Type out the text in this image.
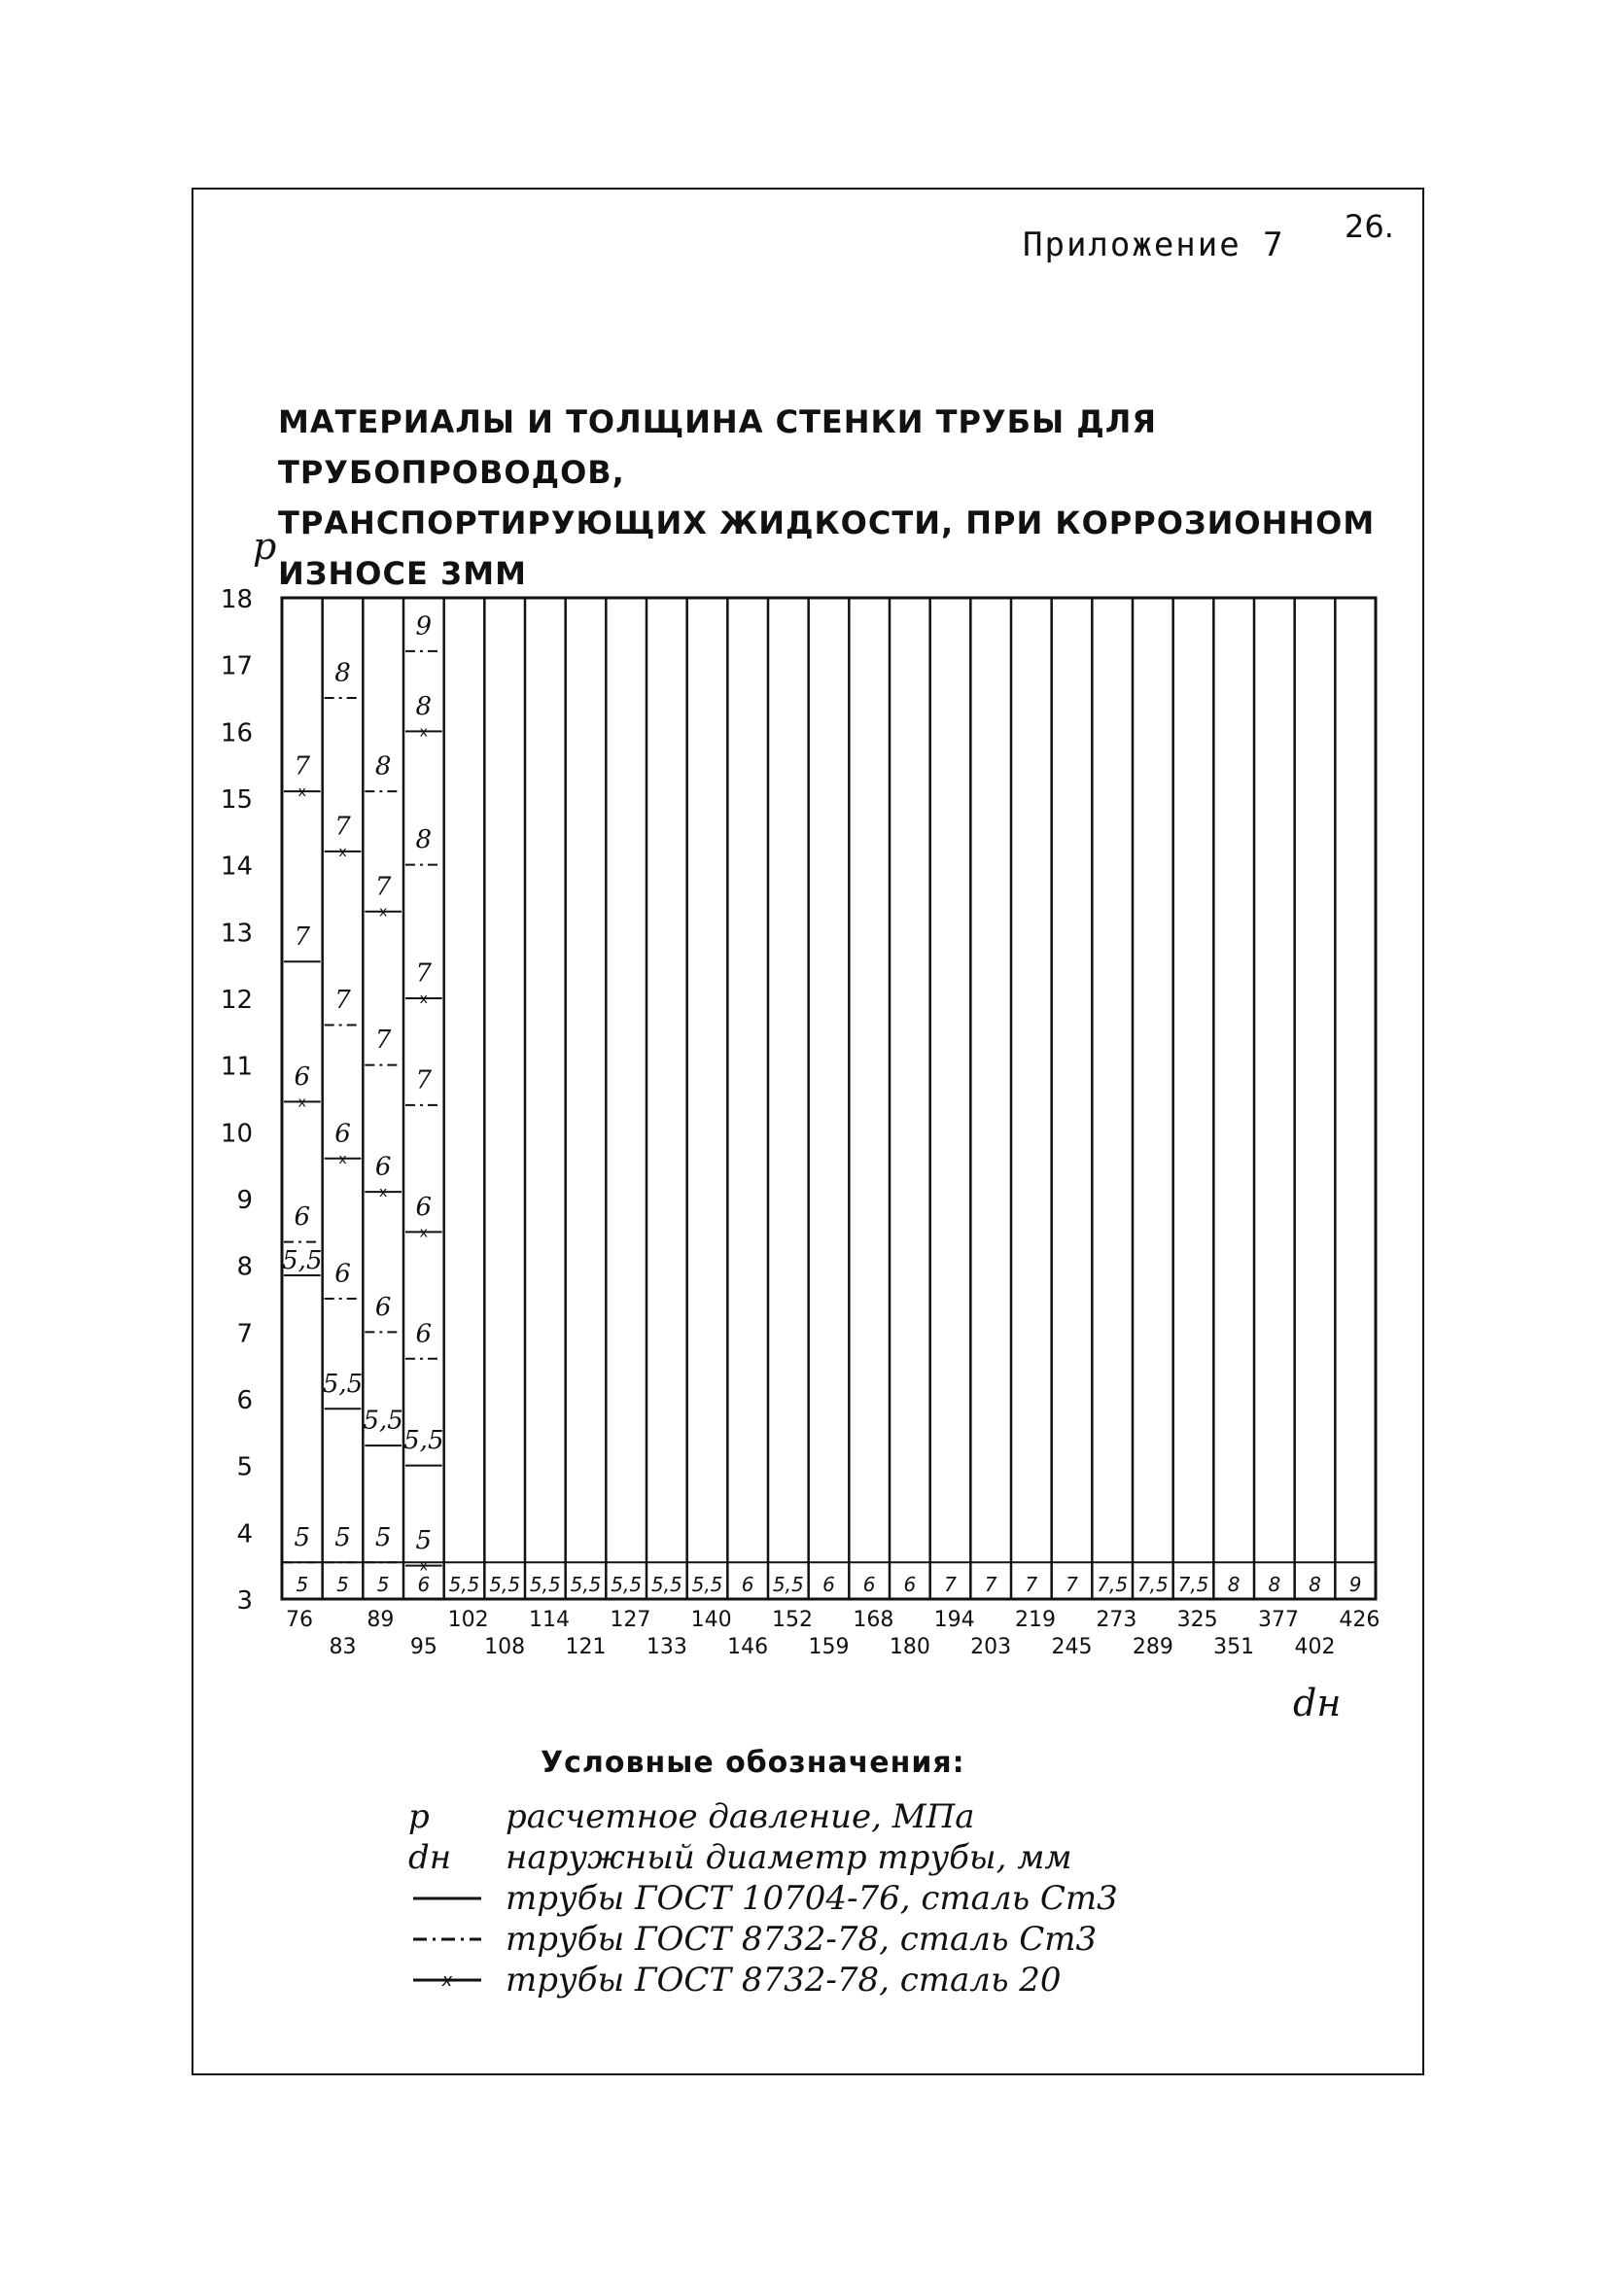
26.
Приложение 7
МАТЕРИАЛЫ И ТОЛЩИНА СТЕНКИ ТРУБЫ ДЛЯ ТРУБОПРОВОДОВ,
ТРАНСПОРТИРУЮЩИХ ЖИДКОСТИ, ПРИ КОРРОЗИОННОМ ИЗНОСЕ 3ММ
p
dн
3
4
5
6
7
8
9
10
11
12
13
14
15
16
17
18
76
83
89
95
102
108
114
121
127
133
140
146
152
159
168
180
194
203
219
245
273
289
325
351
377
402
426
5 5 5 6 5,5 5,5 5,5 5,5 5,5 5,5 5,5 6 5,5 6 6 6 7 7 7 7 7,5 7,5 7,5 8 8 8 9
5
5,5
6
x
6
7
x
7
5
5,5
6
x
6
7
x
7
8
5
5,5
6
x
6
7
x
7
8
x
5
5,5
6
x
6
7
x
7
8
x
8
9
Условные обозначения:
p	расчетное давление, МПа
dн	наружный диаметр трубы, мм
трубы ГОСТ 10704-76, сталь Ст3
трубы ГОСТ 8732-78, сталь Ст3
x трубы ГОСТ 8732-78, сталь 20
